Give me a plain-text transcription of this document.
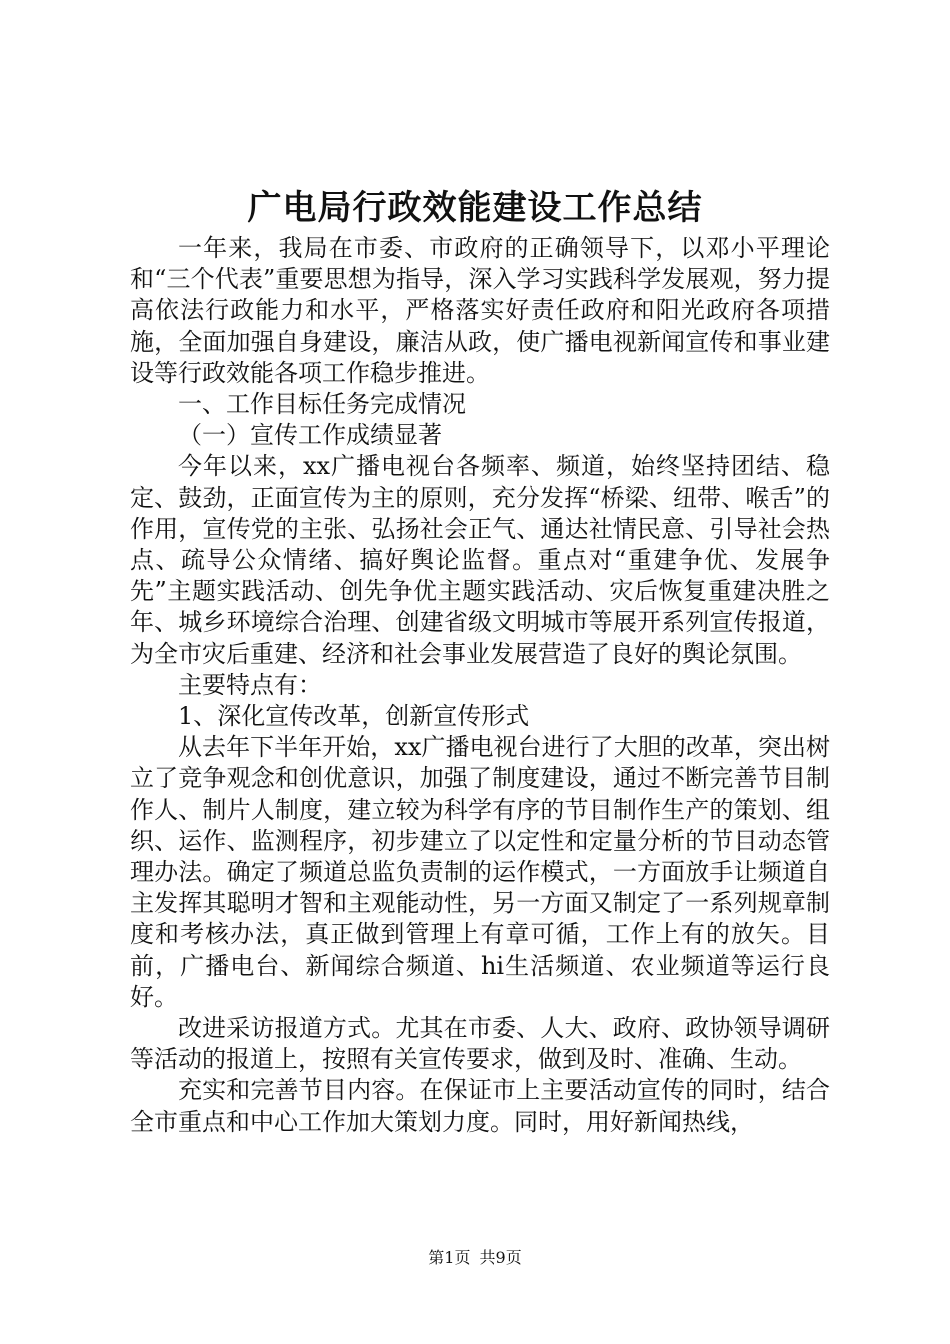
广电局行政效能建设工作总结

一年来，我局在市委、市政府的正确领导下，以邓小平理论和“三个代表”重要思想为指导，深入学习实践科学发展观，努力提高依法行政能力和水平，严格落实好责任政府和阳光政府各项措施，全面加强自身建设，廉洁从政，使广播电视新闻宣传和事业建设等行政效能各项工作稳步推进。

一、工作目标任务完成情况

（一）宣传工作成绩显著

今年以来，xx广播电视台各频率、频道，始终坚持团结、稳定、鼓劲，正面宣传为主的原则，充分发挥“桥梁、纽带、喉舌”的作用，宣传党的主张、弘扬社会正气、通达社情民意、引导社会热点、疏导公众情绪、搞好舆论监督。重点对“重建争优、发展争先”主题实践活动、创先争优主题实践活动、灾后恢复重建决胜之年、城乡环境综合治理、创建省级文明城市等展开系列宣传报道，为全市灾后重建、经济和社会事业发展营造了良好的舆论氛围。

主要特点有：

1、深化宣传改革，创新宣传形式

从去年下半年开始，xx广播电视台进行了大胆的改革，突出树立了竞争观念和创优意识，加强了制度建设，通过不断完善节目制作人、制片人制度，建立较为科学有序的节目制作生产的策划、组织、运作、监测程序，初步建立了以定性和定量分析的节目动态管理办法。确定了频道总监负责制的运作模式，一方面放手让频道自主发挥其聪明才智和主观能动性，另一方面又制定了一系列规章制度和考核办法，真正做到管理上有章可循，工作上有的放矢。目前，广播电台、新闻综合频道、hi生活频道、农业频道等运行良好。

改进采访报道方式。尤其在市委、人大、政府、政协领导调研等活动的报道上，按照有关宣传要求，做到及时、准确、生动。

充实和完善节目内容。在保证市上主要活动宣传的同时，结合全市重点和中心工作加大策划力度。同时，用好新闻热线，

第1页 共9页
